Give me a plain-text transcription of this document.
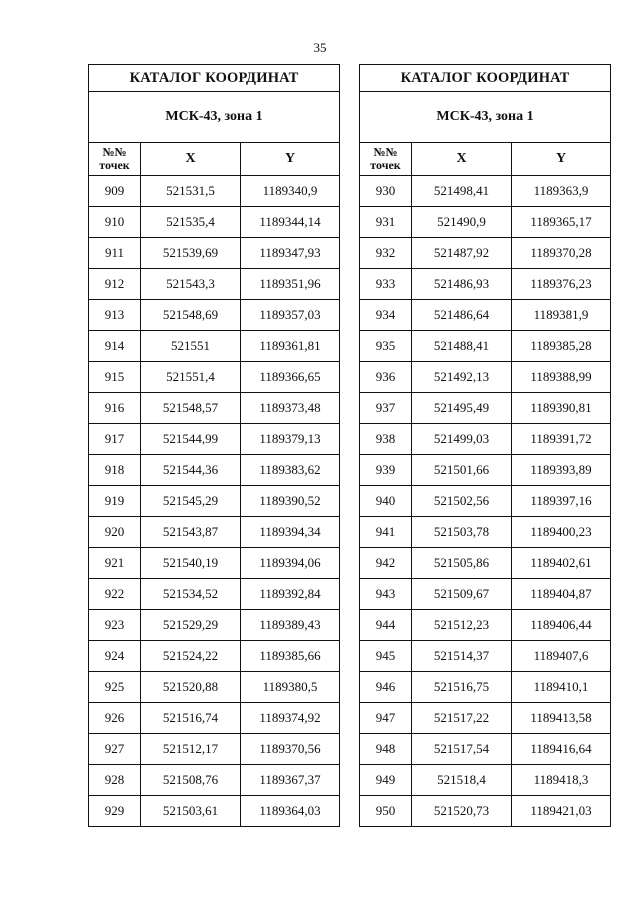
35
КАТАЛОГ КООРДИНАТ		
МСК-43, зона 1		

№№
точек	X	Y
909	521531,5	1189340,9
910	521535,4	1189344,14
911	521539,69	1189347,93
912	521543,3	1189351,96
913	521548,69	1189357,03
914	521551	1189361,81
915	521551,4	1189366,65
916	521548,57	1189373,48
917	521544,99	1189379,13
918	521544,36	1189383,62
919	521545,29	1189390,52
920	521543,87	1189394,34
921	521540,19	1189394,06
922	521534,52	1189392,84
923	521529,29	1189389,43
924	521524,22	1189385,66
925	521520,88	1189380,5
926	521516,74	1189374,92
927	521512,17	1189370,56
928	521508,76	1189367,37
929	521503,61	1189364,03
КАТАЛОГ КООРДИНАТ		
МСК-43, зона 1		

№№
точек	X	Y
930	521498,41	1189363,9
931	521490,9	1189365,17
932	521487,92	1189370,28
933	521486,93	1189376,23
934	521486,64	1189381,9
935	521488,41	1189385,28
936	521492,13	1189388,99
937	521495,49	1189390,81
938	521499,03	1189391,72
939	521501,66	1189393,89
940	521502,56	1189397,16
941	521503,78	1189400,23
942	521505,86	1189402,61
943	521509,67	1189404,87
944	521512,23	1189406,44
945	521514,37	1189407,6
946	521516,75	1189410,1
947	521517,22	1189413,58
948	521517,54	1189416,64
949	521518,4	1189418,3
950	521520,73	1189421,03
